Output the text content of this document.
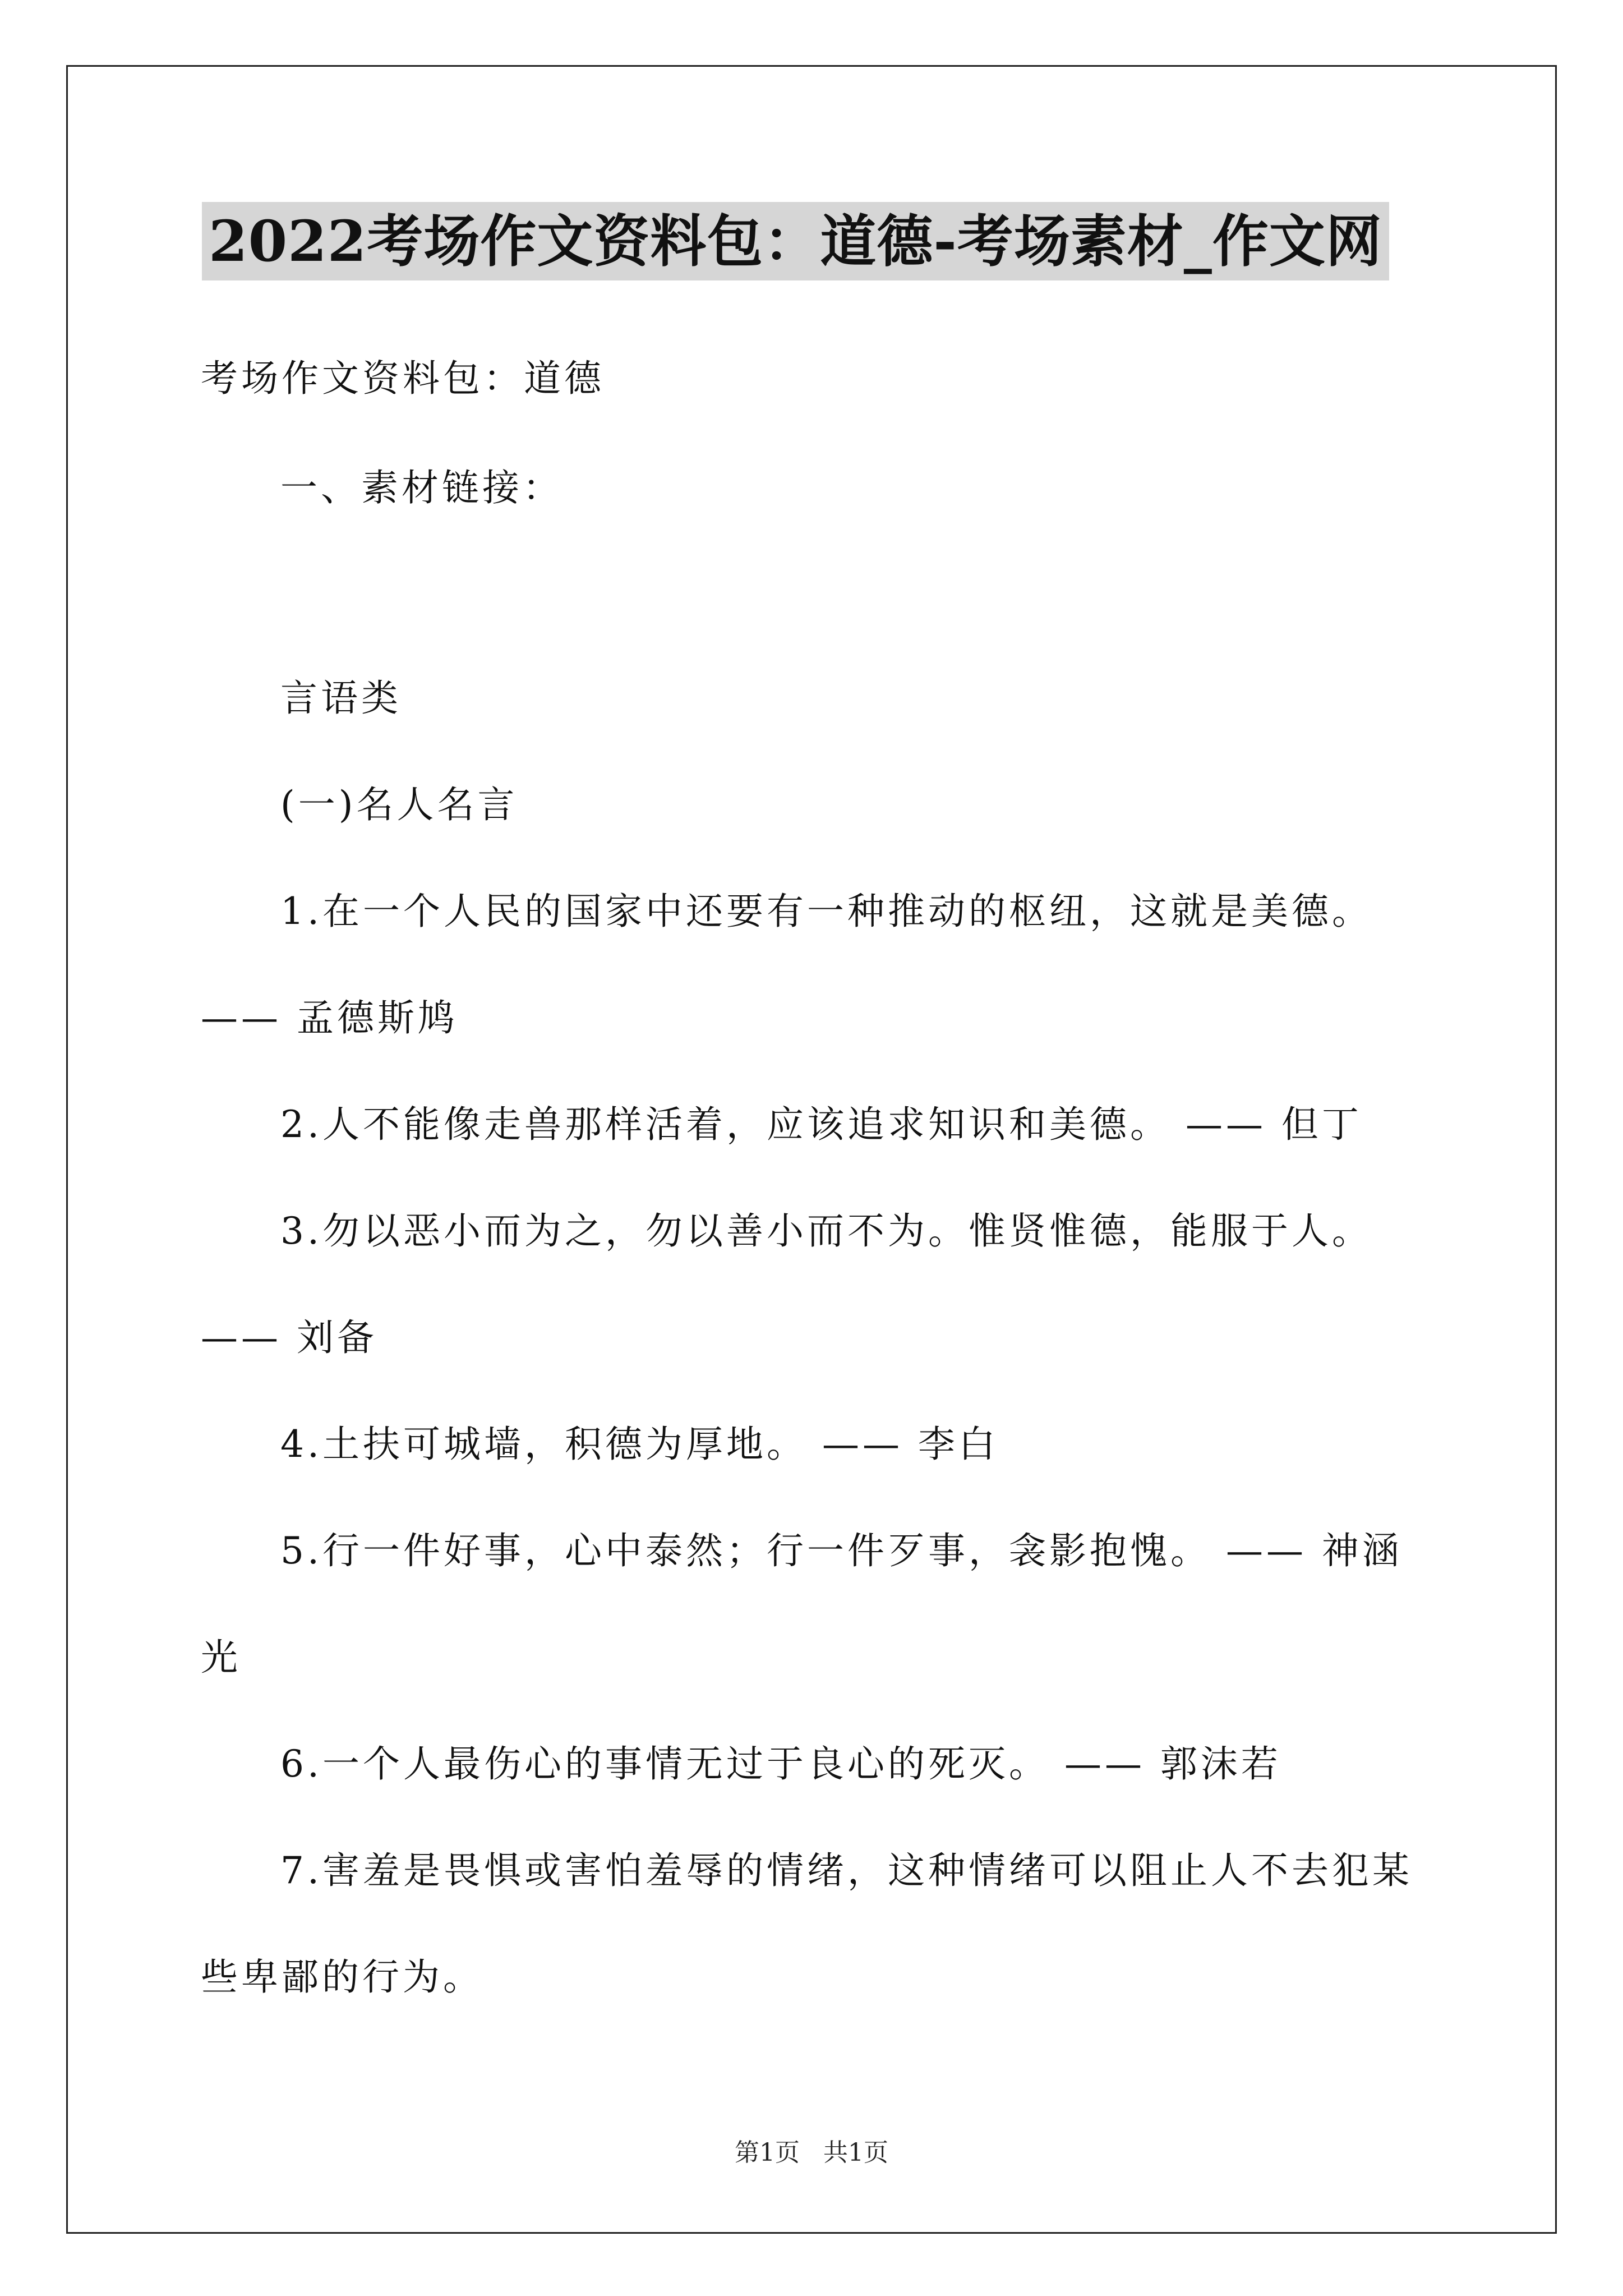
2022考场作文资料包：道德-考场素材_作文网
考场作文资料包：道德
一、素材链接：
言语类
(一)名人名言
1.在一个人民的国家中还要有一种推动的枢纽，这就是美德。
—— 孟德斯鸠
2.人不能像走兽那样活着，应该追求知识和美德。 —— 但丁
3.勿以恶小而为之，勿以善小而不为。惟贤惟德，能服于人。
—— 刘备
4.土扶可城墙，积德为厚地。 —— 李白
5.行一件好事，心中泰然；行一件歹事，衾影抱愧。 —— 神涵
光
6.一个人最伤心的事情无过于良心的死灭。 —— 郭沫若
7.害羞是畏惧或害怕羞辱的情绪，这种情绪可以阻止人不去犯某
些卑鄙的行为。
第1页   共1页
